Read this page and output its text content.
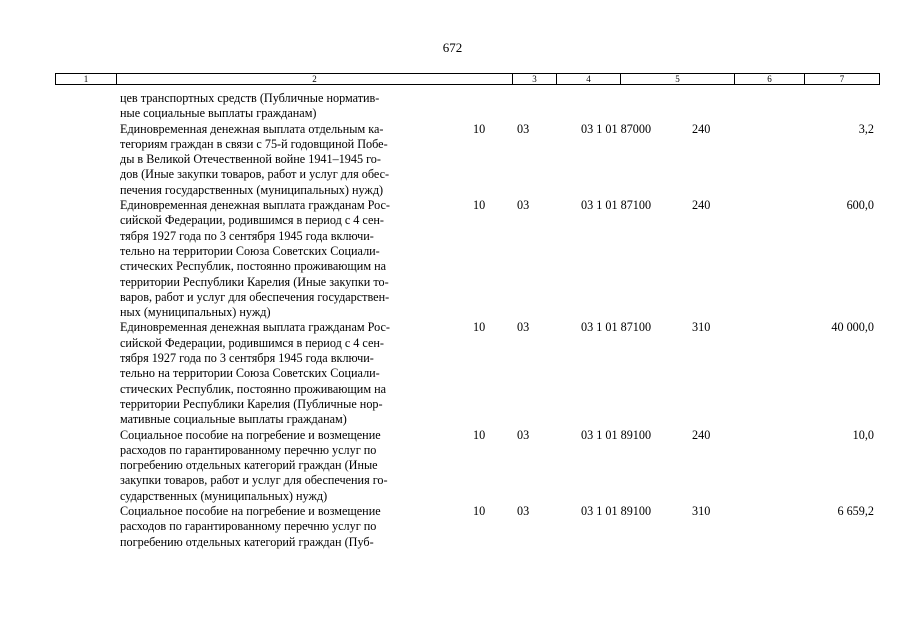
672
1	2	3	4	5	6	7
цев транспортных средств (Публичные норматив-
ные социальные выплаты гражданам)
Единовременная денежная выплата отдельным ка-
тегориям граждан в связи с 75-й годовщиной Побе-
ды в Великой Отечественной войне 1941–1945 го-
дов (Иные закупки товаров, работ и услуг для обес-
печения государственных (муниципальных) нужд)
10	03	03 1 01 87000	240	3,2
Единовременная денежная выплата гражданам Рос-
сийской Федерации, родившимся в период с 4 сен-
тября 1927 года по 3 сентября 1945 года включи-
тельно на территории Союза Советских Социали-
стических Республик, постоянно проживающим на
территории Республики Карелия (Иные закупки то-
варов, работ и услуг для обеспечения государствен-
ных (муниципальных) нужд)
10	03	03 1 01 87100	240	600,0
Единовременная денежная выплата гражданам Рос-
сийской Федерации, родившимся в период с 4 сен-
тября 1927 года по 3 сентября 1945 года включи-
тельно на территории Союза Советских Социали-
стических Республик, постоянно проживающим на
территории Республики Карелия (Публичные нор-
мативные социальные выплаты гражданам)
10	03	03 1 01 87100	310	40 000,0
Социальное пособие на погребение и возмещение
расходов по гарантированному перечню услуг по
погребению отдельных категорий граждан (Иные
закупки товаров, работ и услуг для обеспечения го-
сударственных (муниципальных) нужд)
10	03	03 1 01 89100	240	10,0
Социальное пособие на погребение и возмещение
расходов по гарантированному перечню услуг по
погребению отдельных категорий граждан (Пуб-
10	03	03 1 01 89100	310	6 659,2
